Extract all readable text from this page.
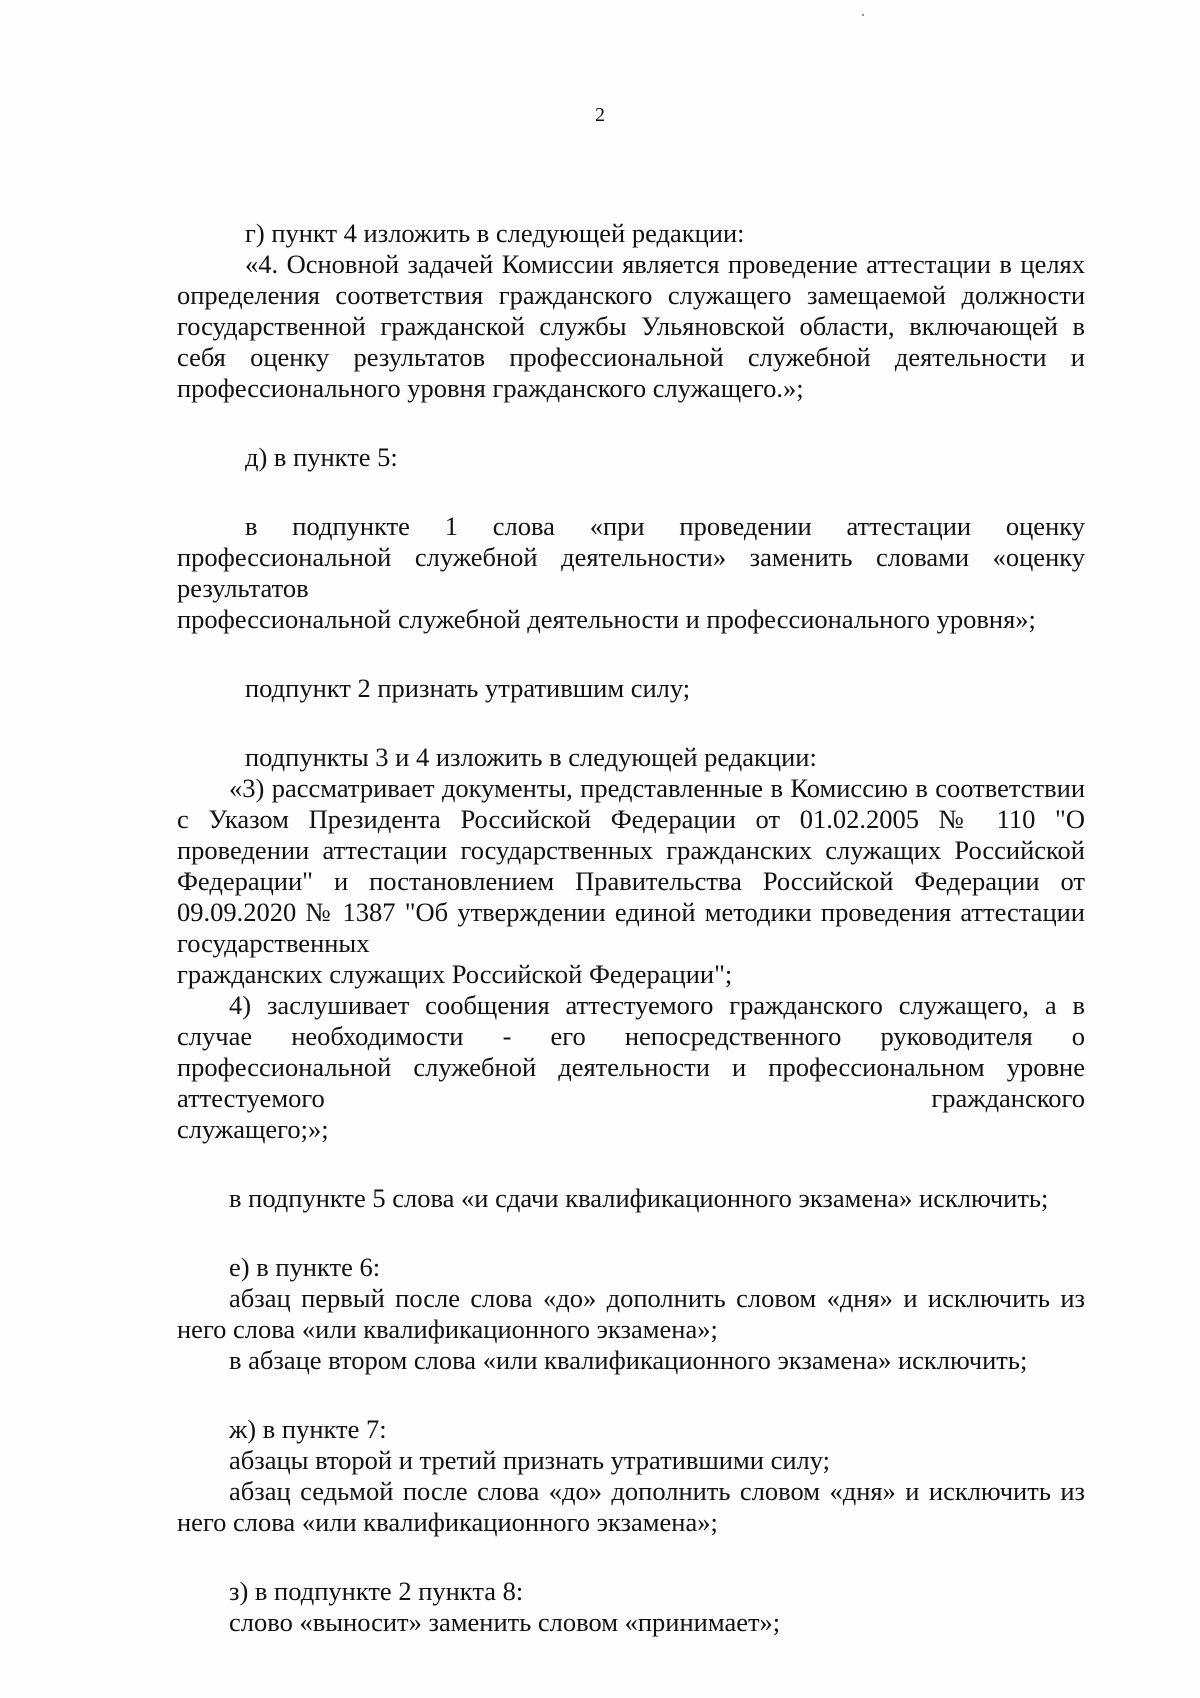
2

г) пункт 4 изложить в следующей редакции:

«4. Основной задачей Комиссии является проведение аттестации в целях определения соответствия гражданского служащего замещаемой должности государственной гражданской службы Ульяновской области, включающей в себя оценку результатов профессиональной служебной деятельности и

профессионального уровня гражданского служащего.»;

д) в пункте 5:

в подпункте 1 слова «при проведении аттестации оценку профессиональной служебной деятельности» заменить словами «оценку результатов

профессиональной служебной деятельности и профессионального уровня»;

подпункт 2 признать утратившим силу;

подпункты 3 и 4 изложить в следующей редакции:

«3) рассматривает документы, представленные в Комиссию в соответствии с Указом Президента Российской Федерации от 01.02.2005 № 110 "О проведении аттестации государственных гражданских служащих Российской Федерации" и постановлением Правительства Российской Федерации от 09.09.2020 № 1387 "Об утверждении единой методики проведения аттестации государственных

гражданских служащих Российской Федерации";

4) заслушивает сообщения аттестуемого гражданского служащего, а в случае необходимости - его непосредственного руководителя о профессиональной служебной деятельности и профессиональном уровне аттестуемого гражданского

служащего;»;

в подпункте 5 слова «и сдачи квалификационного экзамена» исключить;

е) в пункте 6:

абзац первый после слова «до» дополнить словом «дня» и исключить из него слова «или квалификационного экзамена»;

в абзаце втором слова «или квалификационного экзамена» исключить;

ж) в пункте 7:

абзацы второй и третий признать утратившими силу;

абзац седьмой после слова «до» дополнить словом «дня» и исключить из него слова «или квалификационного экзамена»;

з) в подпункте 2 пункта 8:

слово «выносит» заменить словом «принимает»;
